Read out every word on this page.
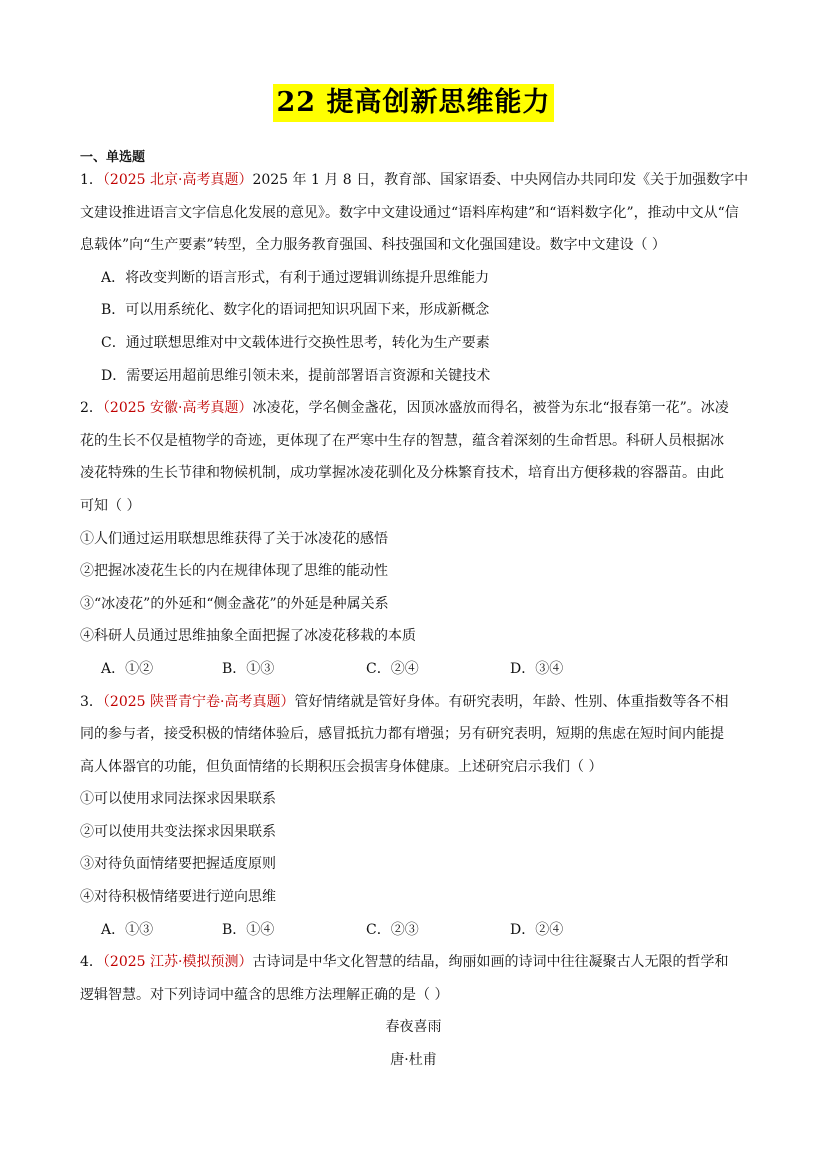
22 提高创新思维能力
一、单选题
1．（2025 北京·高考真题）2025 年 1 月 8 日，教育部、国家语委、中央网信办共同印发《关于加强数字中
文建设推进语言文字信息化发展的意见》。数字中文建设通过“语料库构建”和“语料数字化”，推动中文从“信
息载体”向“生产要素”转型，全力服务教育强国、科技强国和文化强国建设。数字中文建设（ ）
A．将改变判断的语言形式，有利于通过逻辑训练提升思维能力
B．可以用系统化、数字化的语词把知识巩固下来，形成新概念
C．通过联想思维对中文载体进行交换性思考，转化为生产要素
D．需要运用超前思维引领未来，提前部署语言资源和关键技术
2．（2025 安徽·高考真题）冰凌花，学名侧金盏花，因顶冰盛放而得名，被誉为东北“报春第一花”。冰凌
花的生长不仅是植物学的奇迹，更体现了在严寒中生存的智慧，蕴含着深刻的生命哲思。科研人员根据冰
凌花特殊的生长节律和物候机制，成功掌握冰凌花驯化及分株繁育技术，培育出方便移栽的容器苗。由此
可知（ ）
①人们通过运用联想思维获得了关于冰凌花的感悟
②把握冰凌花生长的内在规律体现了思维的能动性
③“冰凌花”的外延和“侧金盏花”的外延是种属关系
④科研人员通过思维抽象全面把握了冰凌花移栽的本质
A．①②	B．①③	C．②④	D．③④
3．（2025 陕晋青宁卷·高考真题）管好情绪就是管好身体。有研究表明，年龄、性别、体重指数等各不相
同的参与者，接受积极的情绪体验后，感冒抵抗力都有增强；另有研究表明，短期的焦虑在短时间内能提
高人体器官的功能，但负面情绪的长期积压会损害身体健康。上述研究启示我们（ ）
①可以使用求同法探求因果联系
②可以使用共变法探求因果联系
③对待负面情绪要把握适度原则
④对待积极情绪要进行逆向思维
A．①③	B．①④	C．②③	D．②④
4．（2025 江苏·模拟预测）古诗词是中华文化智慧的结晶，绚丽如画的诗词中往往凝聚古人无限的哲学和
逻辑智慧。对下列诗词中蕴含的思维方法理解正确的是（ ）
春夜喜雨
唐·杜甫
